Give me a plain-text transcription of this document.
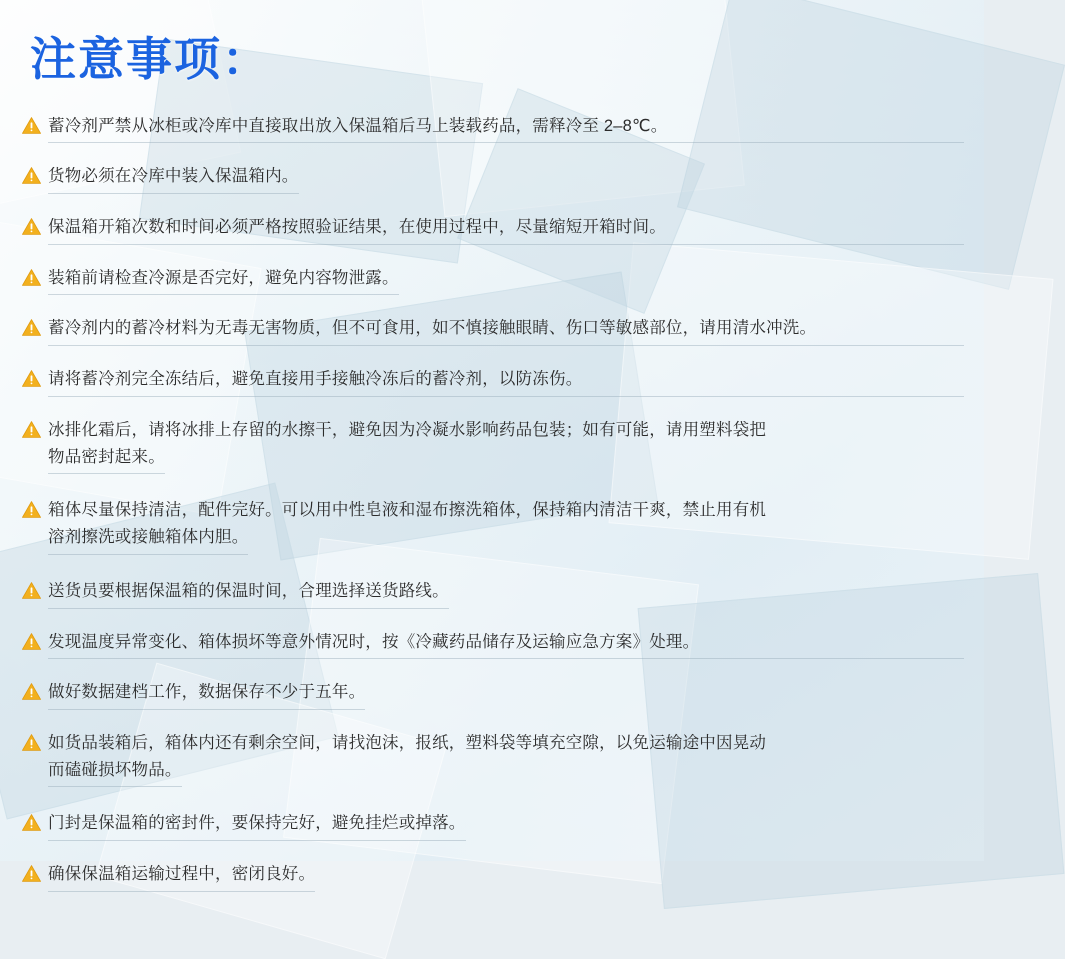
注意事项：
蓄冷剂严禁从冰柜或冷库中直接取出放入保温箱后马上装载药品，需释冷至 2–8℃。
货物必须在冷库中装入保温箱内。
保温箱开箱次数和时间必须严格按照验证结果，在使用过程中，尽量缩短开箱时间。
装箱前请检查冷源是否完好，避免内容物泄露。
蓄冷剂内的蓄冷材料为无毒无害物质，但不可食用，如不慎接触眼睛、伤口等敏感部位，请用清水冲洗。
请将蓄冷剂完全冻结后，避免直接用手接触冷冻后的蓄冷剂，以防冻伤。
冰排化霜后，请将冰排上存留的水擦干，避免因为冷凝水影响药品包装；如有可能，请用塑料袋把
物品密封起来。
箱体尽量保持清洁，配件完好。可以用中性皂液和湿布擦洗箱体，保持箱内清洁干爽，禁止用有机
溶剂擦洗或接触箱体内胆。
送货员要根据保温箱的保温时间，合理选择送货路线。
发现温度异常变化、箱体损坏等意外情况时，按《冷藏药品储存及运输应急方案》处理。
做好数据建档工作，数据保存不少于五年。
如货品装箱后，箱体内还有剩余空间，请找泡沫，报纸，塑料袋等填充空隙，以免运输途中因晃动
而磕碰损坏物品。
门封是保温箱的密封件，要保持完好，避免挂烂或掉落。
确保保温箱运输过程中，密闭良好。
